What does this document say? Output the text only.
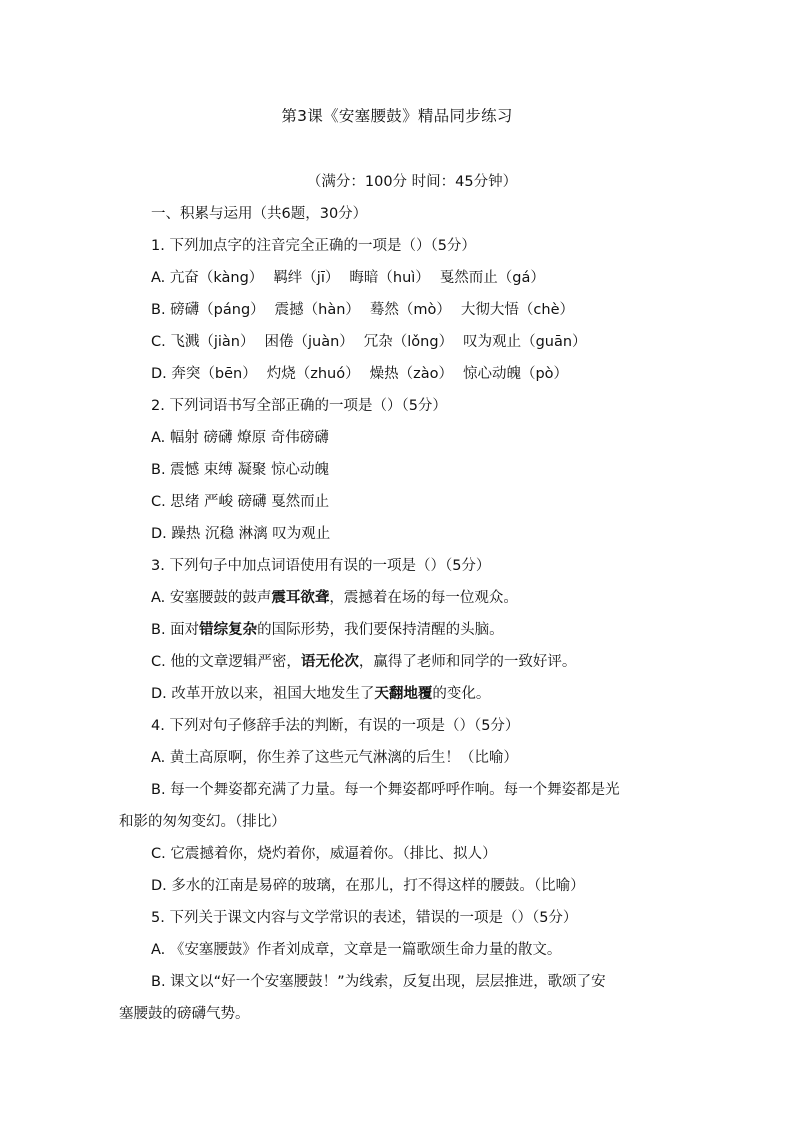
第3课《安塞腰鼓》精品同步练习
（满分：100分 时间：45分钟）
一、积累与运用（共6题，30分）
1. 下列加点字的注音完全正确的一项是（）（5分）
A. 亢奋（kàng） 羁绊（jī） 晦暗（huì） 戛然而止（gá）
B. 磅礴（páng） 震撼（hàn） 蓦然（mò） 大彻大悟（chè）
C. 飞溅（jiàn） 困倦（juàn） 冗杂（lǒng） 叹为观止（guān）
D. 奔突（bēn） 灼烧（zhuó） 燥热（zào） 惊心动魄（pò）
2. 下列词语书写全部正确的一项是（）（5分）
A. 幅射 磅礴 燎原 奇伟磅礴
B. 震憾 束缚 凝聚 惊心动魄
C. 思绪 严峻 磅礴 戛然而止
D. 躁热 沉稳 淋漓 叹为观止
3. 下列句子中加点词语使用有误的一项是（）（5分）
A. 安塞腰鼓的鼓声震耳欲聋，震撼着在场的每一位观众。
B. 面对错综复杂的国际形势，我们要保持清醒的头脑。
C. 他的文章逻辑严密，语无伦次，赢得了老师和同学的一致好评。
D. 改革开放以来，祖国大地发生了天翻地覆的变化。
4. 下列对句子修辞手法的判断，有误的一项是（）（5分）
A. 黄土高原啊，你生养了这些元气淋漓的后生！（比喻）
B. 每一个舞姿都充满了力量。每一个舞姿都呼呼作响。每一个舞姿都是光
和影的匆匆变幻。（排比）
C. 它震撼着你，烧灼着你，威逼着你。（排比、拟人）
D. 多水的江南是易碎的玻璃，在那儿，打不得这样的腰鼓。（比喻）
5. 下列关于课文内容与文学常识的表述，错误的一项是（）（5分）
A. 《安塞腰鼓》作者刘成章，文章是一篇歌颂生命力量的散文。
B. 课文以“好一个安塞腰鼓！”为线索，反复出现，层层推进，歌颂了安
塞腰鼓的磅礴气势。
